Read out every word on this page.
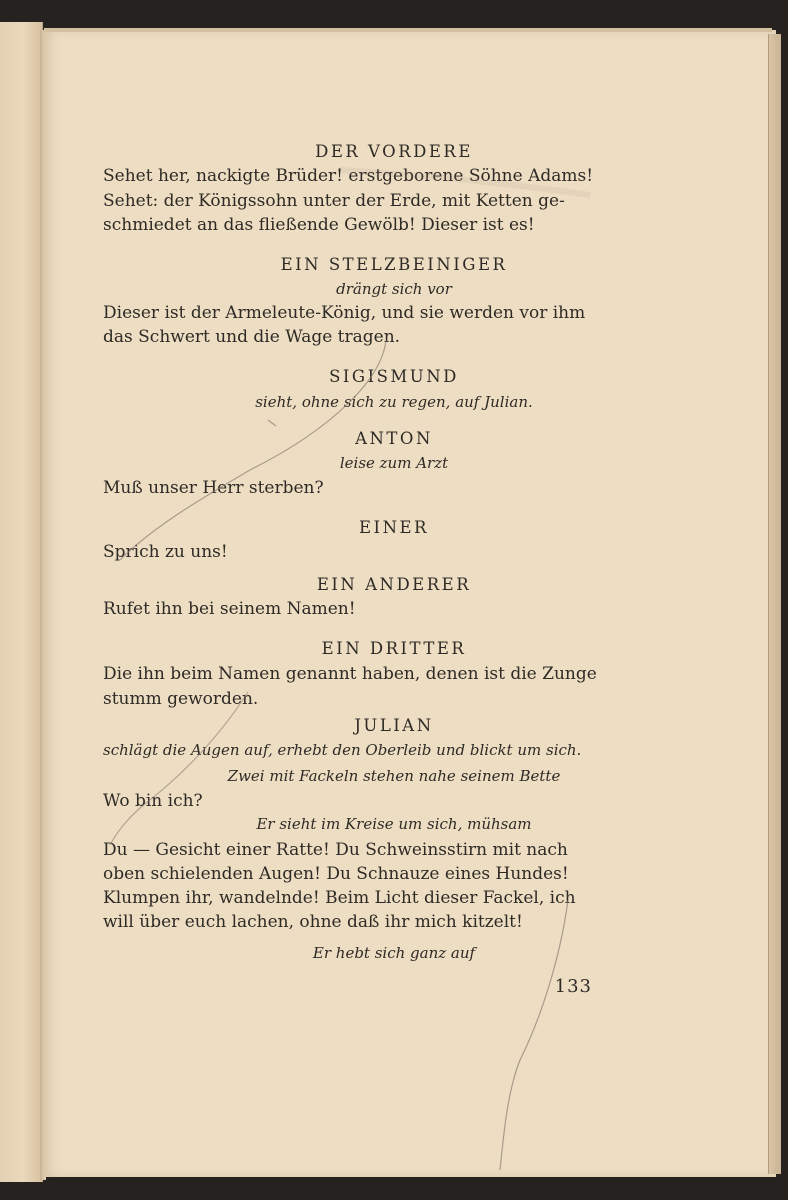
DER VORDERE
Sehet her, nackigte Brüder! erstgeborene Söhne Adams!
Sehet: der Königssohn unter der Erde, mit Ketten ge-
schmiedet an das fließende Gewölb! Dieser ist es!
EIN STELZBEINIGER
drängt sich vor
Dieser ist der Armeleute-König, und sie werden vor ihm
das Schwert und die Wage tragen.
SIGISMUND
sieht, ohne sich zu regen, auf Julian.
ANTON
leise zum Arzt
Muß unser Herr sterben?
EINER
Sprich zu uns!
EIN ANDERER
Rufet ihn bei seinem Namen!
EIN DRITTER
Die ihn beim Namen genannt haben, denen ist die Zunge
stumm geworden.
JULIAN
schlägt die Augen auf, erhebt den Oberleib und blickt um sich.
Zwei mit Fackeln stehen nahe seinem Bette
Wo bin ich?
Er sieht im Kreise um sich, mühsam
Du — Gesicht einer Ratte! Du Schweinsstirn mit nach
oben schielenden Augen! Du Schnauze eines Hundes!
Klumpen ihr, wandelnde! Beim Licht dieser Fackel, ich
will über euch lachen, ohne daß ihr mich kitzelt!
Er hebt sich ganz auf
133
